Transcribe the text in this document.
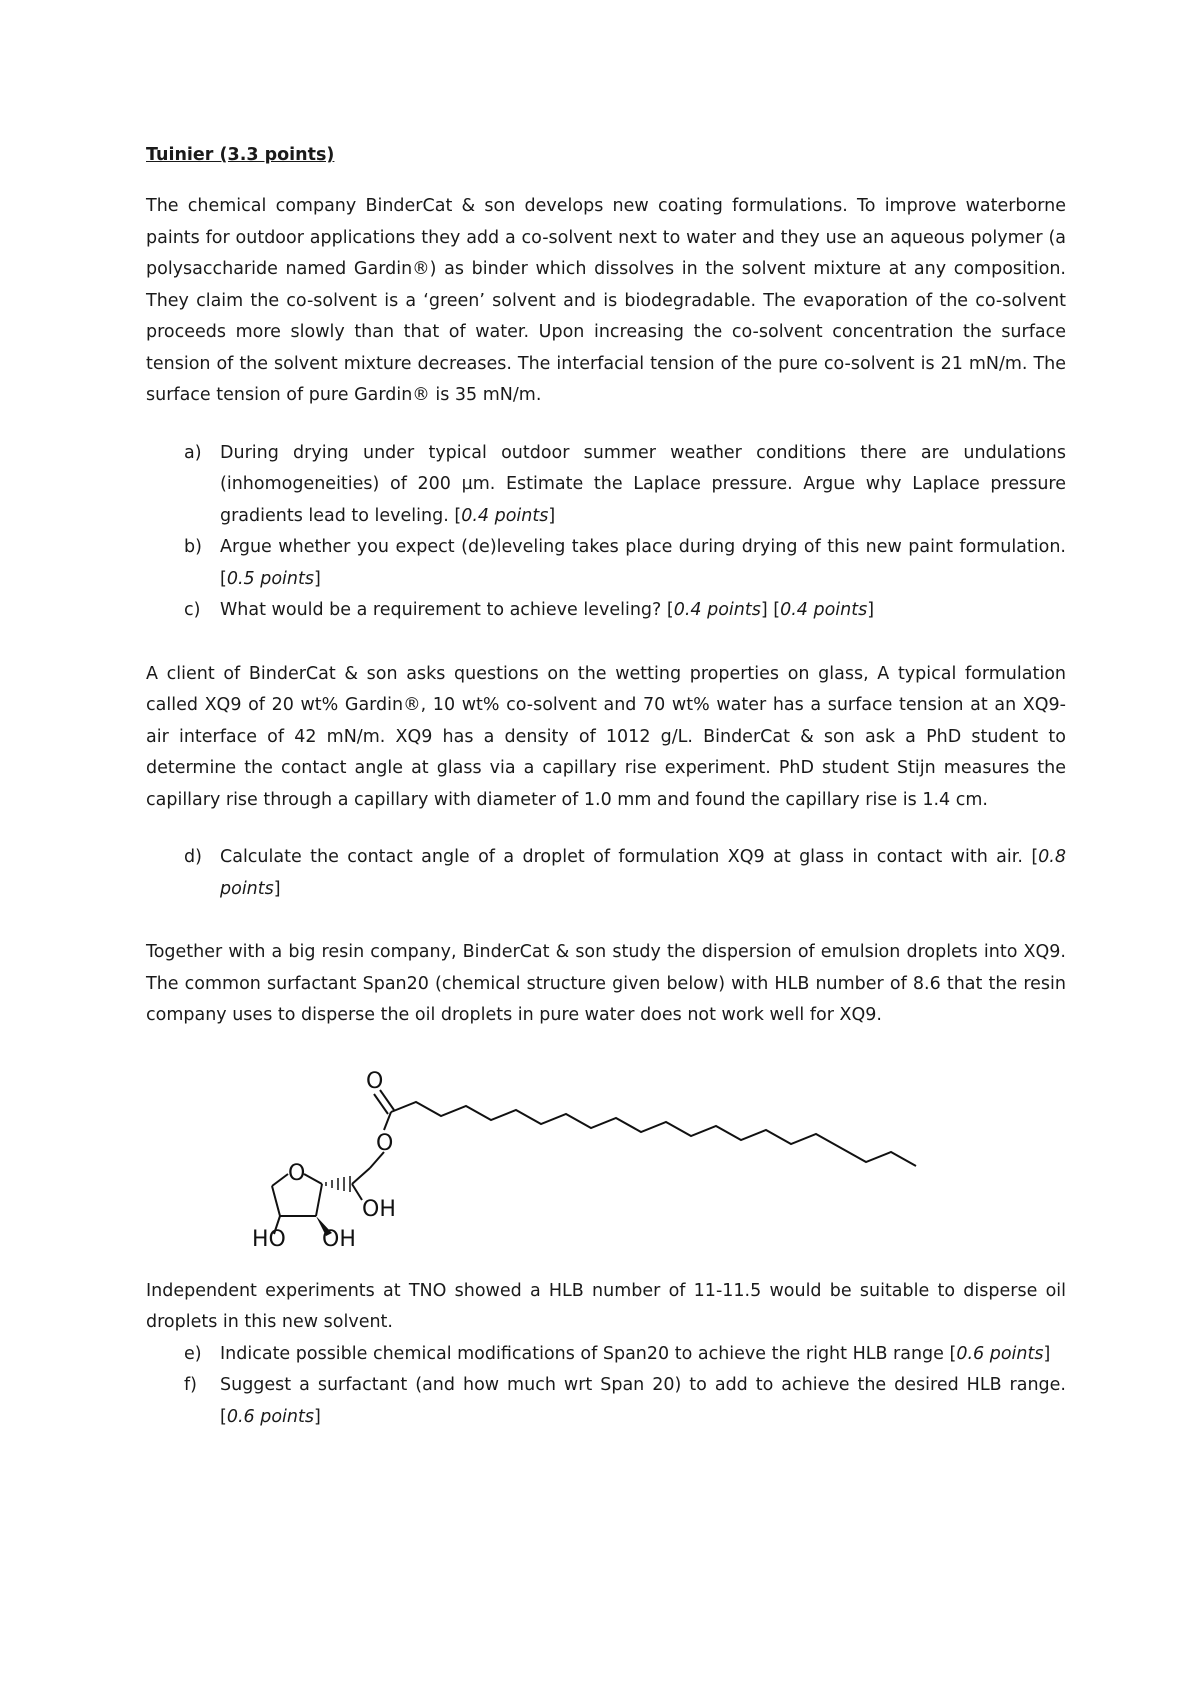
Tuinier (3.3 points)

The chemical company BinderCat & son develops new coating formulations. To improve waterborne paints for outdoor applications they add a co-solvent next to water and they use an aqueous polymer (a polysaccharide named Gardin®) as binder which dissolves in the solvent mixture at any composition. They claim the co-solvent is a ‘green’ solvent and is biodegradable. The evaporation of the co-solvent proceeds more slowly than that of water. Upon increasing the co-solvent concentration the surface tension of the solvent mixture decreases. The interfacial tension of the pure co-solvent is 21 mN/m. The surface tension of pure Gardin® is 35 mN/m.

a) During drying under typical outdoor summer weather conditions there are undulations (inhomogeneities) of 200 µm. Estimate the Laplace pressure. Argue why Laplace pressure gradients lead to leveling. [0.4 points]
b) Argue whether you expect (de)leveling takes place during drying of this new paint formulation. [0.5 points]
c) What would be a requirement to achieve leveling? [0.4 points] [0.4 points]

A client of BinderCat & son asks questions on the wetting properties on glass, A typical formulation called XQ9 of 20 wt% Gardin®, 10 wt% co-solvent and 70 wt% water has a surface tension at an XQ9-air interface of 42 mN/m. XQ9 has a density of 1012 g/L. BinderCat & son ask a PhD student to determine the contact angle at glass via a capillary rise experiment. PhD student Stijn measures the capillary rise through a capillary with diameter of 1.0 mm and found the capillary rise is 1.4 cm.

d) Calculate the contact angle of a droplet of formulation XQ9 at glass in contact with air. [0.8 points]

Together with a big resin company, BinderCat & son study the dispersion of emulsion droplets into XQ9. The common surfactant Span20 (chemical structure given below) with HLB number of 8.6 that the resin company uses to disperse the oil droplets in pure water does not work well for XQ9.

O
O
O
OH
HO OH

Independent experiments at TNO showed a HLB number of 11-11.5 would be suitable to disperse oil droplets in this new solvent.

e) Indicate possible chemical modifications of Span20 to achieve the right HLB range [0.6 points]
f) Suggest a surfactant (and how much wrt Span 20) to add to achieve the desired HLB range. [0.6 points]
